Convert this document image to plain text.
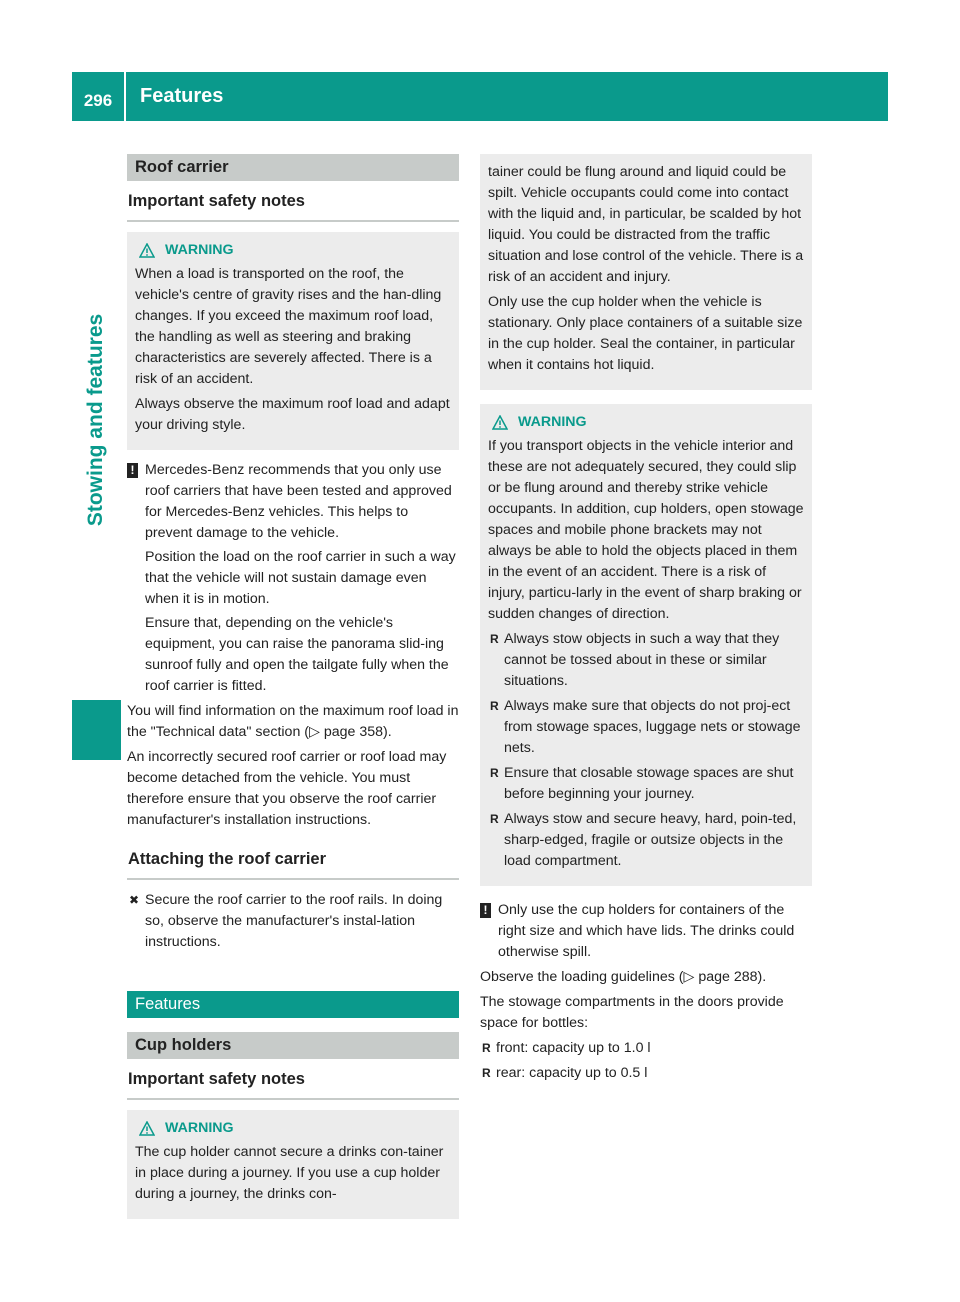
296	Features
Stowing and features
Roof carrier
Important safety notes
WARNING

When a load is transported on the roof, the vehicle's centre of gravity rises and the han-dling changes. If you exceed the maximum roof load, the handling as well as steering and braking characteristics are severely affected. There is a risk of an accident.

Always observe the maximum roof load and adapt your driving style.

! Mercedes-Benz recommends that you only use roof carriers that have been tested and approved for Mercedes-Benz vehicles. This helps to prevent damage to the vehicle.

Position the load on the roof carrier in such a way that the vehicle will not sustain damage even when it is in motion.

Ensure that, depending on the vehicle's equipment, you can raise the panorama slid-ing sunroof fully and open the tailgate fully when the roof carrier is fitted.

You will find information on the maximum roof load in the "Technical data" section (▷ page 358).

An incorrectly secured roof carrier or roof load may become detached from the vehicle. You must therefore ensure that you observe the roof carrier manufacturer's installation instructions.

Attaching the roof carrier
✖ Secure the roof carrier to the roof rails. In doing so, observe the manufacturer's instal-lation instructions.
Features
Cup holders
Important safety notes
WARNING

The cup holder cannot secure a drinks con-tainer in place during a journey. If you use a cup holder during a journey, the drinks con-

tainer could be flung around and liquid could be spilt. Vehicle occupants could come into contact with the liquid and, in particular, be scalded by hot liquid. You could be distracted from the traffic situation and lose control of the vehicle. There is a risk of an accident and injury.

Only use the cup holder when the vehicle is stationary. Only place containers of a suitable size in the cup holder. Seal the container, in particular when it contains hot liquid.

WARNING

If you transport objects in the vehicle interior and these are not adequately secured, they could slip or be flung around and thereby strike vehicle occupants. In addition, cup holders, open stowage spaces and mobile phone brackets may not always be able to hold the objects placed in them in the event of an accident. There is a risk of injury, particu-larly in the event of sharp braking or sudden changes of direction.

R Always stow objects in such a way that they cannot be tossed about in these or similar situations.
R Always make sure that objects do not proj-ect from stowage spaces, luggage nets or stowage nets.
R Ensure that closable stowage spaces are shut before beginning your journey.
R Always stow and secure heavy, hard, poin-ted, sharp-edged, fragile or outsize objects in the load compartment.
! Only use the cup holders for containers of the right size and which have lids. The drinks could otherwise spill.

Observe the loading guidelines (▷ page 288).

The stowage compartments in the doors provide space for bottles:

R front: capacity up to 1.0 l
R rear: capacity up to 0.5 l
